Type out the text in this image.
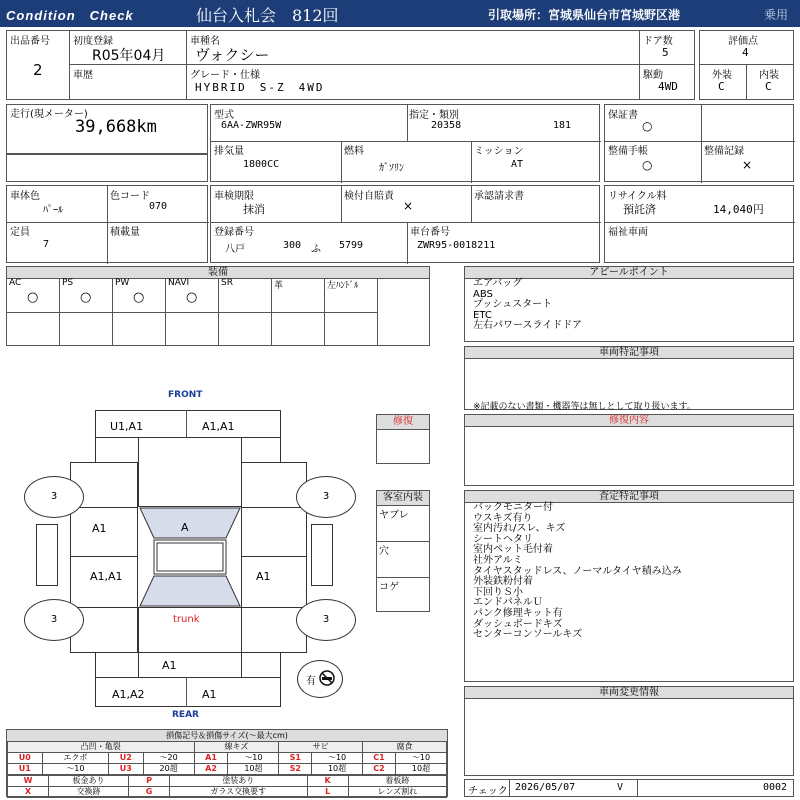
Condition　Check	仙台入札会　812回	引取場所：宮城県仙台市宮城野区港	乗用
出品番号
2
初度登録
R05年04月
車歴
車種名
ヴォクシー
グレード・仕様
HYBRID　S-Z　4WD
ドア数
5
評価点
4
駆動
4WD
外装
C
内装
C
走行(現メーター)
39,668km
型式
6AA-ZWR95W
指定・類別
20358	181
排気量
1800CC
燃料
ｶﾞｿﾘﾝ
ミッション
AT
保証書
○
整備手帳
○
整備記録
×
車体色
ﾊﾟｰﾙ
色コード
070
定員
7
積載量
車検期限
抹消
検付自賠責
×
承認請求書
登録番号
八戸	300 ふ 5799
車台番号
ZWR95-0018211
リサイクル料
預託済	14,040円
福祉車両
装備
AC
○
PS
○
PW
○
NAVI
○
SR	革	左ﾊﾝﾄﾞﾙ
アピールポイント
エアバッグ
ABS
プッシュスタート
ETC
左右パワースライドドア
車両特記事項
※記載のない書類・機器等は無しとして取り扱います。
修復内容
査定特記事項
バックモニター付
ウスキズ有り
室内汚れ/スレ、キズ
シートヘタリ
室内ペット毛付着
社外アルミ
タイヤスタッドレス、ノーマルタイヤ積み込み
外装鉄粉付着
下回りＳ小
エンドパネルＵ
パンク修理キット有
ダッシュボードキズ
センターコンソールキズ
車両変更情報
チェック 2026/05/07	V	0002
FRONT
REAR
U1,A1	A1,A1
A1
A1,A1	A1
trunk
A
A1
A1,A2	A1
3	3
3	3
有
修復
客室内装
ヤブレ
穴
コゲ
損傷記号＆損傷サイズ(〜最大cm)
凸凹・亀裂				線キズ		サビ		腐食	
U0	エクボ	U2	〜20	A1	〜10	S1	〜10	C1	〜10
U1	〜10	U3	20超	A2	10超	S2	10超	C2	10超
W	板金あり	P	塗装あり	K	着板跡
X	交換跡	G	ガラス交換要す	L	レンズ割れ
